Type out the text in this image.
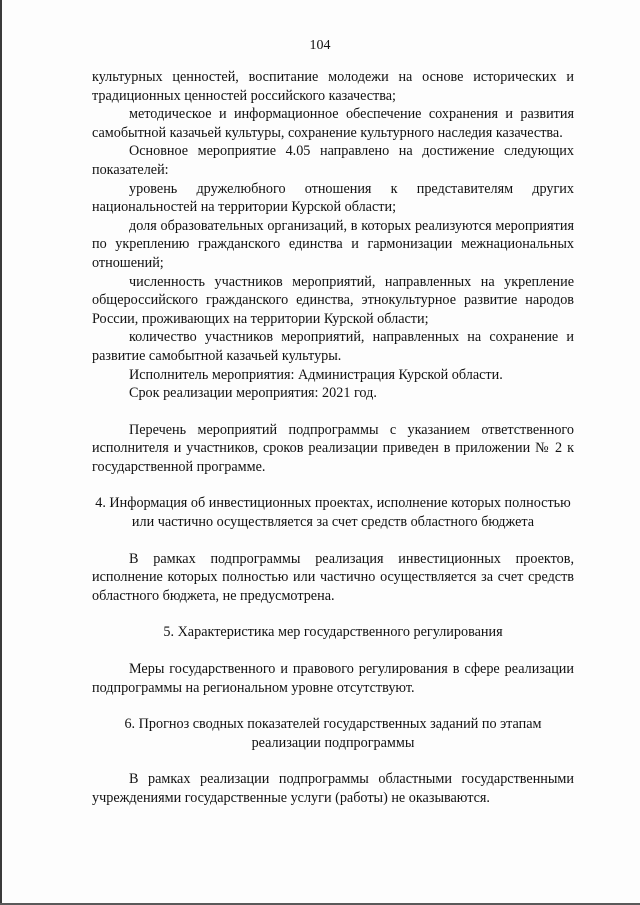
104

культурных ценностей, воспитание молодежи на основе исторических и традиционных ценностей российского казачества;

методическое и информационное обеспечение сохранения и развития самобытной казачьей культуры, сохранение культурного наследия казачества.

Основное мероприятие 4.05 направлено на достижение следующих показателей:

уровень дружелюбного отношения к представителям других национальностей на территории Курской области;

доля образовательных организаций, в которых реализуются мероприятия по укреплению гражданского единства и гармонизации межнациональных отношений;

численность участников мероприятий, направленных на укрепление общероссийского гражданского единства, этнокультурное развитие народов России, проживающих на территории Курской области;

количество участников мероприятий, направленных на сохранение и развитие самобытной казачьей культуры.

Исполнитель мероприятия: Администрация Курской области.

Срок реализации мероприятия: 2021 год.

Перечень мероприятий подпрограммы с указанием ответственного исполнителя и участников, сроков реализации приведен в приложении № 2 к государственной программе.

4. Информация об инвестиционных проектах, исполнение которых полностью или частично осуществляется за счет средств областного бюджета

В рамках подпрограммы реализация инвестиционных проектов, исполнение которых полностью или частично осуществляется за счет средств областного бюджета, не предусмотрена.

5. Характеристика мер государственного регулирования

Меры государственного и правового регулирования в сфере реализации подпрограммы на региональном уровне отсутствуют.

6. Прогноз сводных показателей государственных заданий по этапам реализации подпрограммы

В рамках реализации подпрограммы областными государственными учреждениями государственные услуги (работы) не оказываются.
